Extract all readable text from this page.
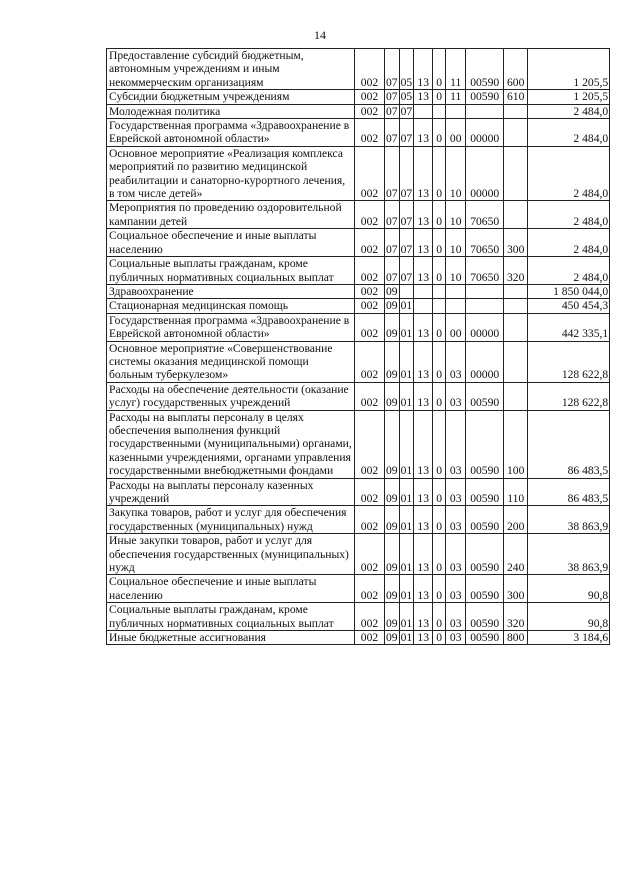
14
Предоставление субсидий бюджетным, автономным учреждениям и иным некоммерческим организациям	002	07	05	13	0	11	00590	600	1 205,5
Субсидии бюджетным учреждениям	002	07	05	13	0	11	00590	610	1 205,5
Молодежная политика	002	07	07						2 484,0
Государственная программа «Здравоохранение в Еврейской автономной области»	002	07	07	13	0	00	00000		2 484,0
Основное мероприятие «Реализация комплекса мероприятий по развитию медицинской реабилитации и санаторно-курортного лечения, в том числе детей»	002	07	07	13	0	10	00000		2 484,0
Мероприятия по проведению оздоровительной кампании детей	002	07	07	13	0	10	70650		2 484,0
Социальное обеспечение и иные выплаты населению	002	07	07	13	0	10	70650	300	2 484,0
Социальные выплаты гражданам, кроме публичных нормативных социальных выплат	002	07	07	13	0	10	70650	320	2 484,0
Здравоохранение	002	09							1 850 044,0
Стационарная медицинская помощь	002	09	01						450 454,3
Государственная программа «Здравоохранение в Еврейской автономной области»	002	09	01	13	0	00	00000		442 335,1
Основное мероприятие «Совершенствование системы оказания медицинской помощи больным туберкулезом»	002	09	01	13	0	03	00000		128 622,8
Расходы на обеспечение деятельности (оказание услуг) государственных учреждений	002	09	01	13	0	03	00590		128 622,8
Расходы на выплаты персоналу в целях обеспечения выполнения функций государственными (муниципальными) органами, казенными учреждениями, органами управления государственными внебюджетными фондами	002	09	01	13	0	03	00590	100	86 483,5
Расходы на выплаты персоналу казенных учреждений	002	09	01	13	0	03	00590	110	86 483,5
Закупка товаров, работ и услуг для обеспечения государственных (муниципальных) нужд	002	09	01	13	0	03	00590	200	38 863,9
Иные закупки товаров, работ и услуг для обеспечения государственных (муниципальных) нужд	002	09	01	13	0	03	00590	240	38 863,9
Социальное обеспечение и иные выплаты населению	002	09	01	13	0	03	00590	300	90,8
Социальные выплаты гражданам, кроме публичных нормативных социальных выплат	002	09	01	13	0	03	00590	320	90,8
Иные бюджетные ассигнования	002	09	01	13	0	03	00590	800	3 184,6
